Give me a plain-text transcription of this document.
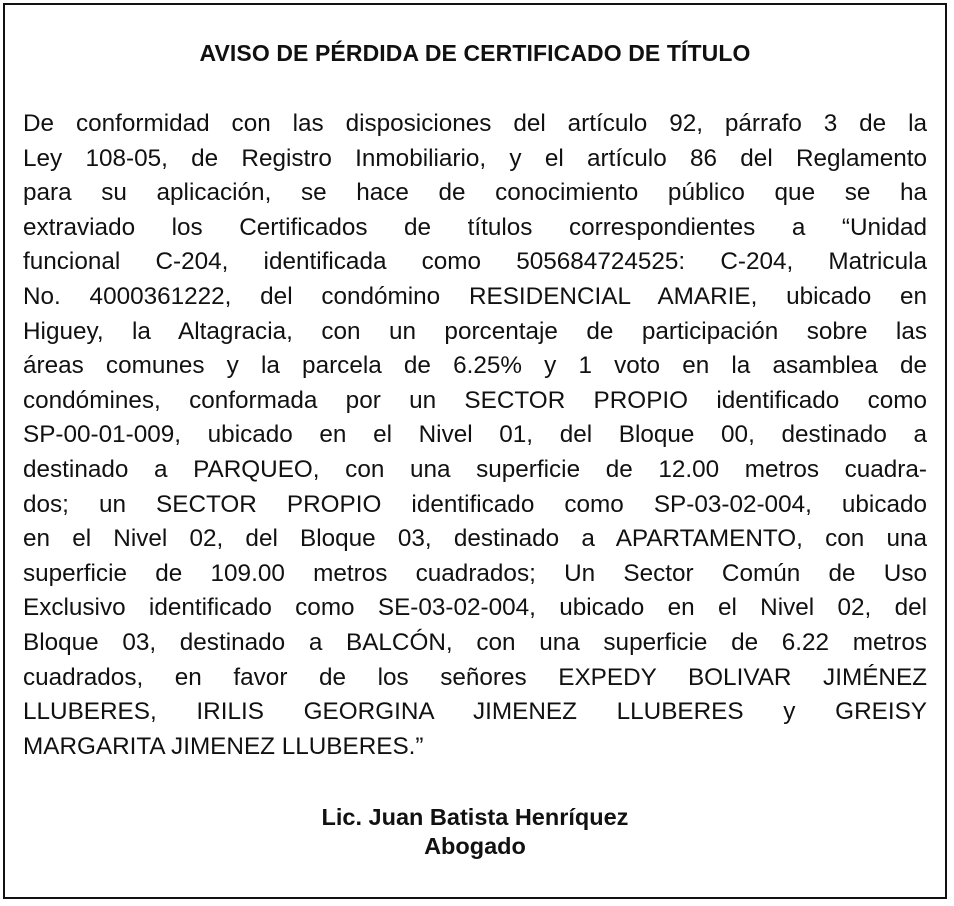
AVISO DE PÉRDIDA DE CERTIFICADO DE TÍTULO

De conformidad con las disposiciones del artículo 92, párrafo 3 de la
Ley 108-05, de Registro Inmobiliario, y el artículo 86 del Reglamento
para su aplicación, se hace de conocimiento público que se ha
extraviado los Certificados de títulos correspondientes a “Unidad
funcional C-204, identificada como 505684724525: C-204, Matricula
No. 4000361222, del condómino RESIDENCIAL AMARIE, ubicado en
Higuey, la Altagracia, con un porcentaje de participación sobre las
áreas comunes y la parcela de 6.25% y 1 voto en la asamblea de
condómines, conformada por un SECTOR PROPIO identificado como
SP-00-01-009, ubicado en el Nivel 01, del Bloque 00, destinado a
destinado a PARQUEO, con una superficie de 12.00 metros cuadra-
dos; un SECTOR PROPIO identificado como SP-03-02-004, ubicado
en el Nivel 02, del Bloque 03, destinado a APARTAMENTO, con una
superficie de 109.00 metros cuadrados; Un Sector Común de Uso
Exclusivo identificado como SE-03-02-004, ubicado en el Nivel 02, del
Bloque 03, destinado a BALCÓN, con una superficie de 6.22 metros
cuadrados, en favor de los señores EXPEDY BOLIVAR JIMÉNEZ
LLUBERES, IRILIS GEORGINA JIMENEZ LLUBERES y GREISY
MARGARITA JIMENEZ LLUBERES.”

Lic. Juan Batista Henríquez
Abogado
